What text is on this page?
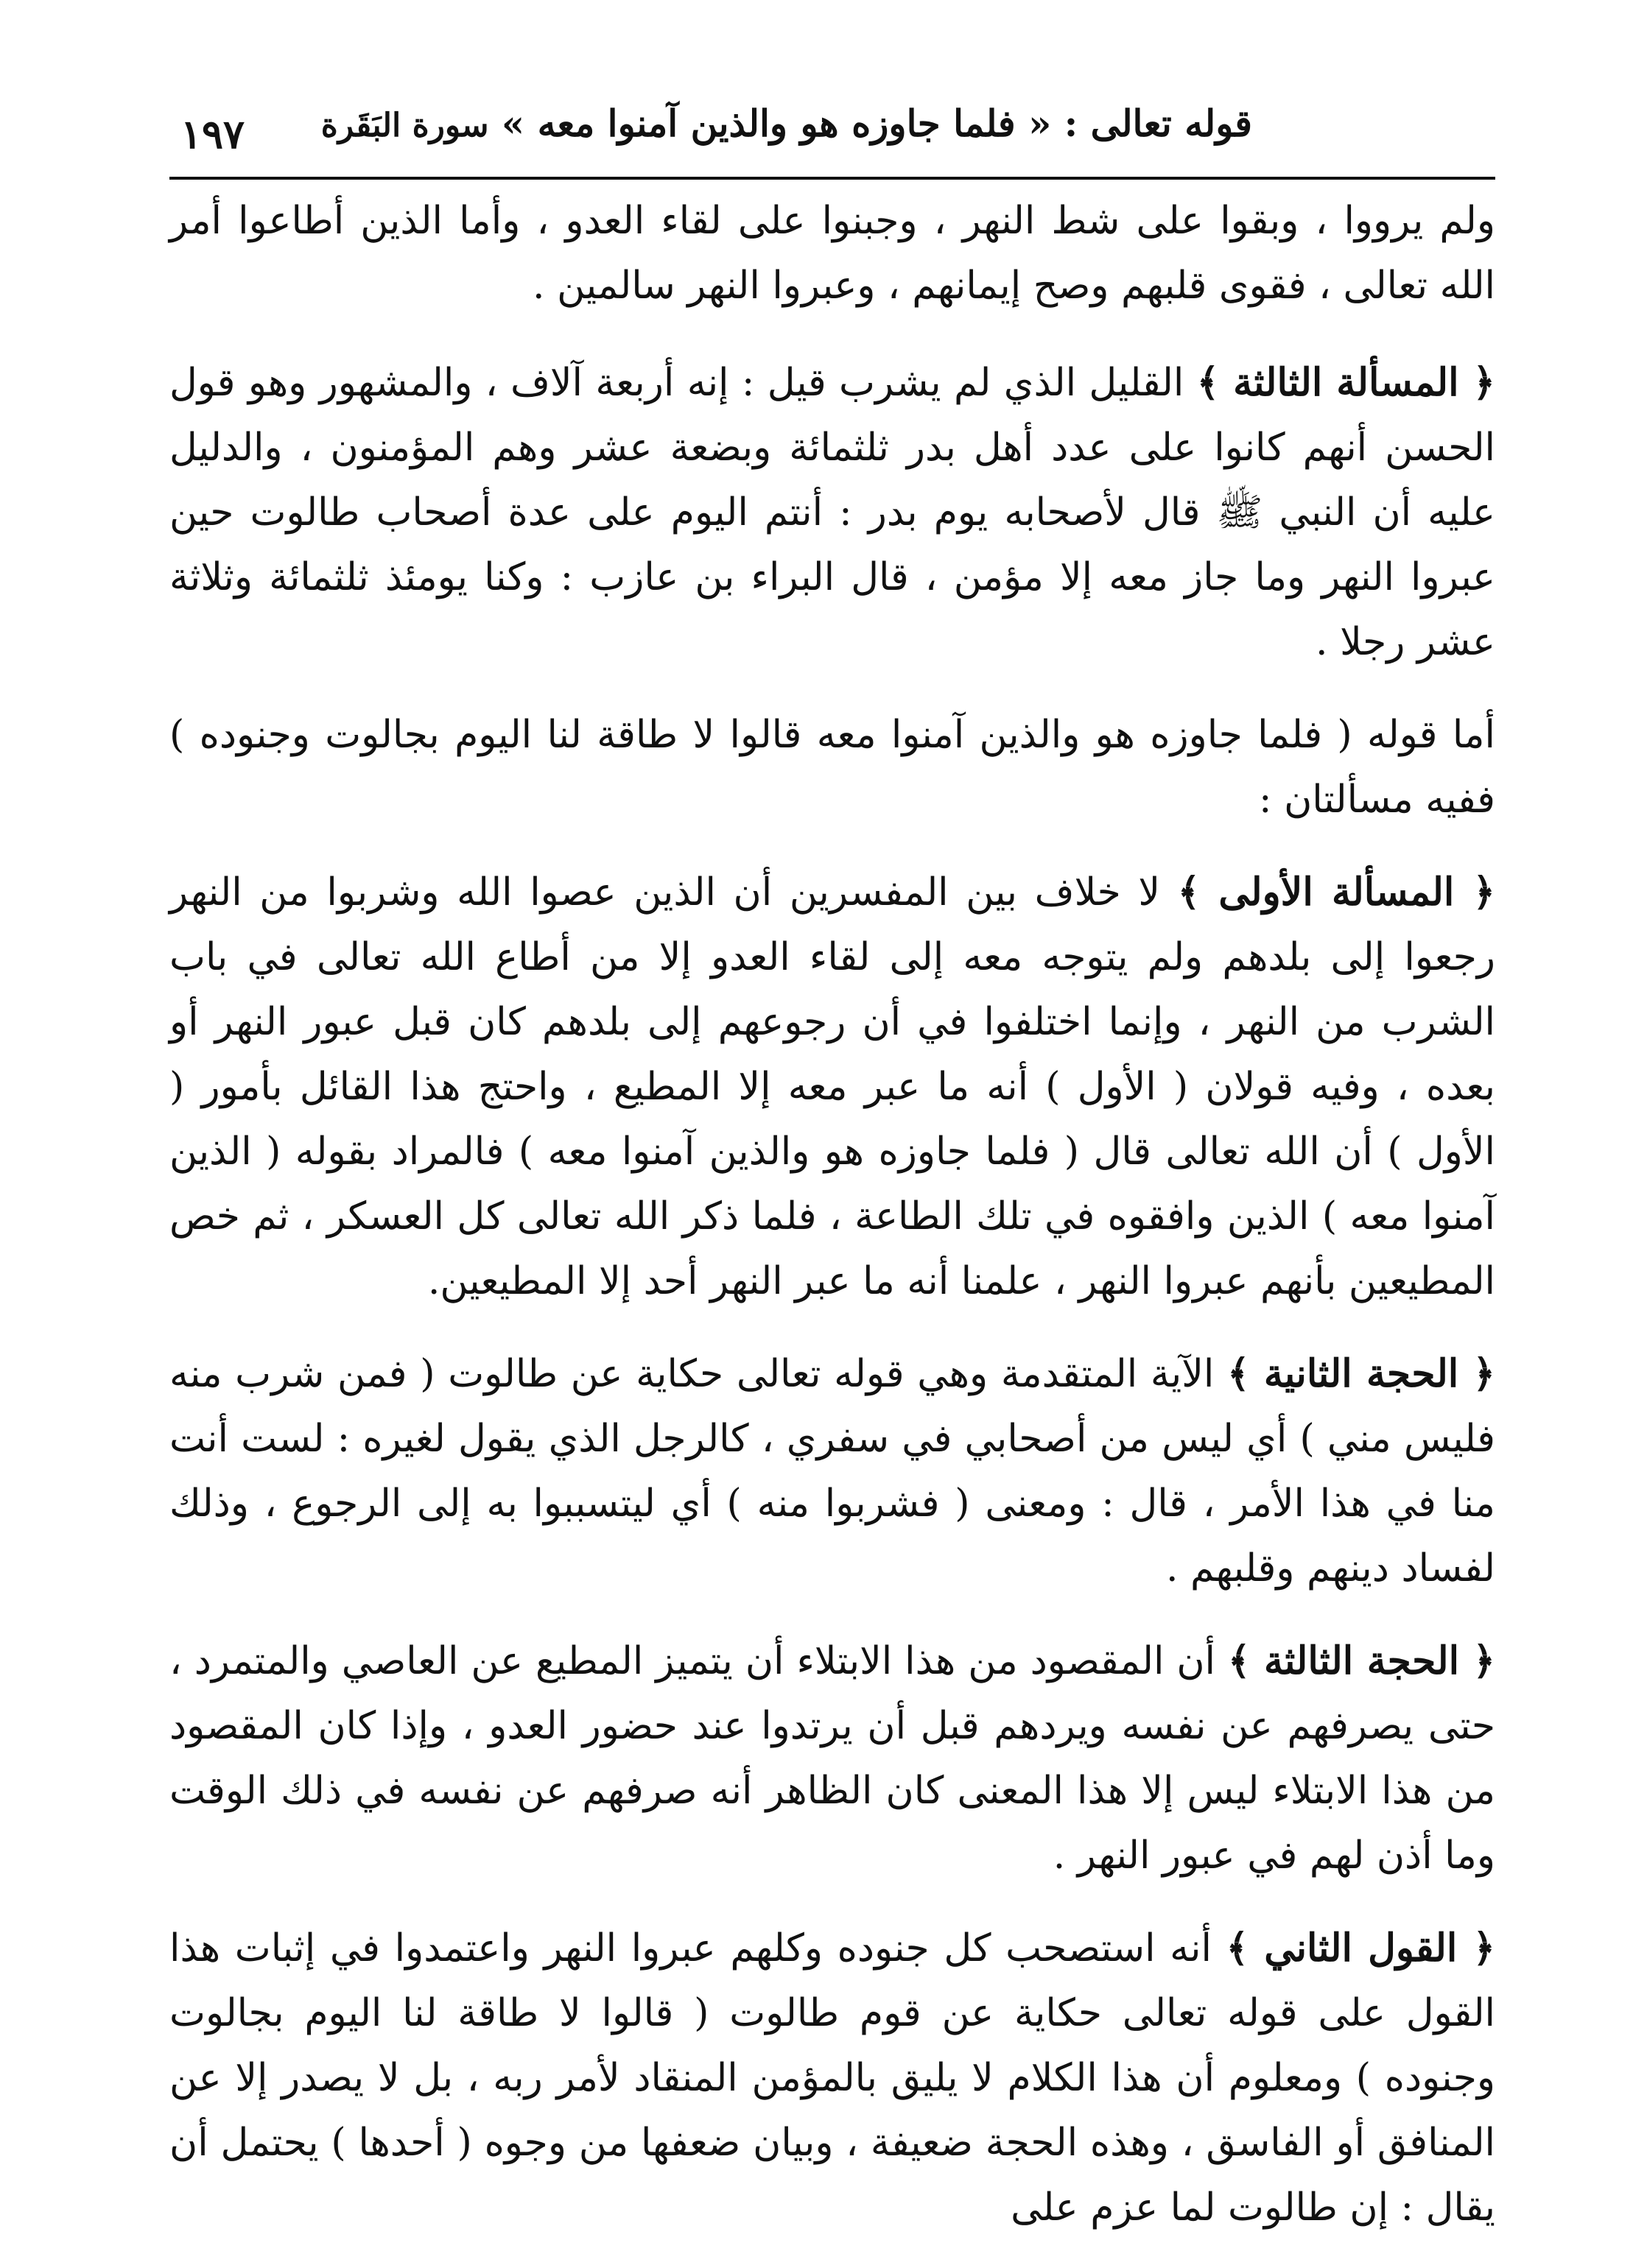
قوله تعالى : « فلما جاوزه هو والذين آمنوا معه » سورة البَقَرة
١٩٧

ولم يرووا ، وبقوا على شط النهر ، وجبنوا على لقاء العدو ، وأما الذين أطاعوا أمر الله تعالى ، فقوى قلبهم وصح إيمانهم ، وعبروا النهر سالمين .

﴿ المسألة الثالثة ﴾ القليل الذي لم يشرب قيل : إنه أربعة آلاف ، والمشهور وهو قول الحسن أنهم كانوا على عدد أهل بدر ثلثمائة وبضعة عشر وهم المؤمنون ، والدليل عليه أن النبي ﷺ قال لأصحابه يوم بدر : أنتم اليوم على عدة أصحاب طالوت حين عبروا النهر وما جاز معه إلا مؤمن ، قال البراء بن عازب : وكنا يومئذ ثلثمائة وثلاثة عشر رجلا .

أما قوله ( فلما جاوزه هو والذين آمنوا معه قالوا لا طاقة لنا اليوم بجالوت وجنوده ) ففيه مسألتان :

﴿ المسألة الأولى ﴾ لا خلاف بين المفسرين أن الذين عصوا الله وشربوا من النهر رجعوا إلى بلدهم ولم يتوجه معه إلى لقاء العدو إلا من أطاع الله تعالى في باب الشرب من النهر ، وإنما اختلفوا في أن رجوعهم إلى بلدهم كان قبل عبور النهر أو بعده ، وفيه قولان ( الأول ) أنه ما عبر معه إلا المطيع ، واحتج هذا القائل بأمور ( الأول ) أن الله تعالى قال ( فلما جاوزه هو والذين آمنوا معه ) فالمراد بقوله ( الذين آمنوا معه ) الذين وافقوه في تلك الطاعة ، فلما ذكر الله تعالى كل العسكر ، ثم خص المطيعين بأنهم عبروا النهر ، علمنا أنه ما عبر النهر أحد إلا المطيعين.

﴿ الحجة الثانية ﴾ الآية المتقدمة وهي قوله تعالى حكاية عن طالوت ( فمن شرب منه فليس مني ) أي ليس من أصحابي في سفري ، كالرجل الذي يقول لغيره : لست أنت منا في هذا الأمر ، قال : ومعنى ( فشربوا منه ) أي ليتسببوا به إلى الرجوع ، وذلك لفساد دينهم وقلبهم .

﴿ الحجة الثالثة ﴾ أن المقصود من هذا الابتلاء أن يتميز المطيع عن العاصي والمتمرد ، حتى يصرفهم عن نفسه ويردهم قبل أن يرتدوا عند حضور العدو ، وإذا كان المقصود من هذا الابتلاء ليس إلا هذا المعنى كان الظاهر أنه صرفهم عن نفسه في ذلك الوقت وما أذن لهم في عبور النهر .

﴿ القول الثاني ﴾ أنه استصحب كل جنوده وكلهم عبروا النهر واعتمدوا في إثبات هذا القول على قوله تعالى حكاية عن قوم طالوت ( قالوا لا طاقة لنا اليوم بجالوت وجنوده ) ومعلوم أن هذا الكلام لا يليق بالمؤمن المنقاد لأمر ربه ، بل لا يصدر إلا عن المنافق أو الفاسق ، وهذه الحجة ضعيفة ، وبيان ضعفها من وجوه ( أحدها ) يحتمل أن يقال : إن طالوت لما عزم على
